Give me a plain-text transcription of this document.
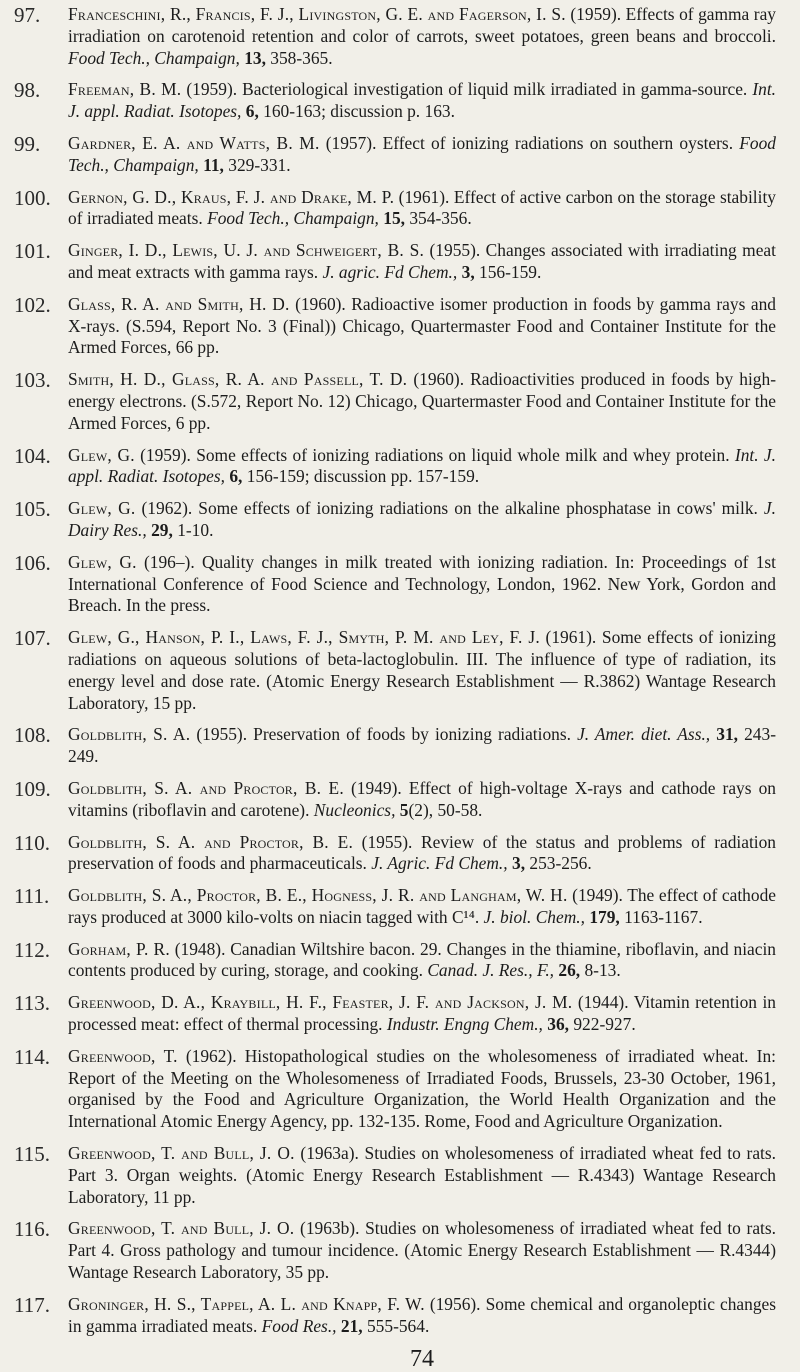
97.	Franceschini, R., Francis, F. J., Livingston, G. E. and Fagerson, I. S. (1959). Effects of gamma ray irradiation on carotenoid retention and color of carrots, sweet potatoes, green beans and broccoli. Food Tech., Champaign, 13, 358-365.
98.	Freeman, B. M. (1959). Bacteriological investigation of liquid milk irradiated in gamma-source. Int. J. appl. Radiat. Isotopes, 6, 160-163; discussion p. 163.
99.	Gardner, E. A. and Watts, B. M. (1957). Effect of ionizing radiations on southern oysters. Food Tech., Champaign, 11, 329-331.
100. Gernon, G. D., Kraus, F. J. and Drake, M. P. (1961). Effect of active carbon on the storage stability of irradiated meats. Food Tech., Champaign, 15, 354-356.
101. Ginger, I. D., Lewis, U. J. and Schweigert, B. S. (1955). Changes associated with irradiating meat and meat extracts with gamma rays. J. agric. Fd Chem., 3, 156-159.
102. Glass, R. A. and Smith, H. D. (1960). Radioactive isomer production in foods by gamma rays and X-rays. (S.594, Report No. 3 (Final)) Chicago, Quartermaster Food and Container Institute for the Armed Forces, 66 pp.
103. Smith, H. D., Glass, R. A. and Passell, T. D. (1960). Radioactivities produced in foods by high-energy electrons. (S.572, Report No. 12) Chicago, Quartermaster Food and Container Institute for the Armed Forces, 6 pp.
104. Glew, G. (1959). Some effects of ionizing radiations on liquid whole milk and whey protein. Int. J. appl. Radiat. Isotopes, 6, 156-159; discussion pp. 157-159.
105. Glew, G. (1962). Some effects of ionizing radiations on the alkaline phosphatase in cows' milk. J. Dairy Res., 29, 1-10.
106. Glew, G. (196–). Quality changes in milk treated with ionizing radiation. In: Proceedings of 1st International Conference of Food Science and Technology, London, 1962. New York, Gordon and Breach. In the press.
107. Glew, G., Hanson, P. I., Laws, F. J., Smyth, P. M. and Ley, F. J. (1961). Some effects of ionizing radiations on aqueous solutions of beta-lactoglobulin. III. The influence of type of radiation, its energy level and dose rate. (Atomic Energy Research Establishment — R.3862) Wantage Research Laboratory, 15 pp.
108. Goldblith, S. A. (1955). Preservation of foods by ionizing radiations. J. Amer. diet. Ass., 31, 243-249.
109. Goldblith, S. A. and Proctor, B. E. (1949). Effect of high-voltage X-rays and cathode rays on vitamins (riboflavin and carotene). Nucleonics, 5(2), 50-58.
110.	Goldblith, S. A. and Proctor, B. E. (1955). Review of the status and problems of radiation preservation of foods and pharmaceuticals. J. Agric. Fd Chem., 3, 253-256.
111.	Goldblith, S. A., Proctor, B. E., Hogness, J. R. and Langham, W. H. (1949). The effect of cathode rays produced at 3000 kilo-volts on niacin tagged with C¹⁴. J. biol. Chem., 179, 1163-1167.
112.	Gorham, P. R. (1948). Canadian Wiltshire bacon. 29. Changes in the thiamine, riboflavin, and niacin contents produced by curing, storage, and cooking. Canad. J. Res., F., 26, 8-13.
113.	Greenwood, D. A., Kraybill, H. F., Feaster, J. F. and Jackson, J. M. (1944). Vitamin retention in processed meat: effect of thermal processing. Industr. Engng Chem., 36, 922-927.
114.	Greenwood, T. (1962). Histopathological studies on the wholesomeness of irradiated wheat. In: Report of the Meeting on the Wholesomeness of Irradiated Foods, Brussels, 23-30 October, 1961, organised by the Food and Agriculture Organization, the World Health Organization and the International Atomic Energy Agency, pp. 132-135. Rome, Food and Agriculture Organization.
115.	Greenwood, T. and Bull, J. O. (1963a). Studies on wholesomeness of irradiated wheat fed to rats. Part 3. Organ weights. (Atomic Energy Research Establishment — R.4343) Wantage Research Laboratory, 11 pp.
116.	Greenwood, T. and Bull, J. O. (1963b). Studies on wholesomeness of irradiated wheat fed to rats. Part 4. Gross pathology and tumour incidence. (Atomic Energy Research Establishment — R.4344) Wantage Research Laboratory, 35 pp.
117.	Groninger, H. S., Tappel, A. L. and Knapp, F. W. (1956). Some chemical and organoleptic changes in gamma irradiated meats. Food Res., 21, 555-564.
74
